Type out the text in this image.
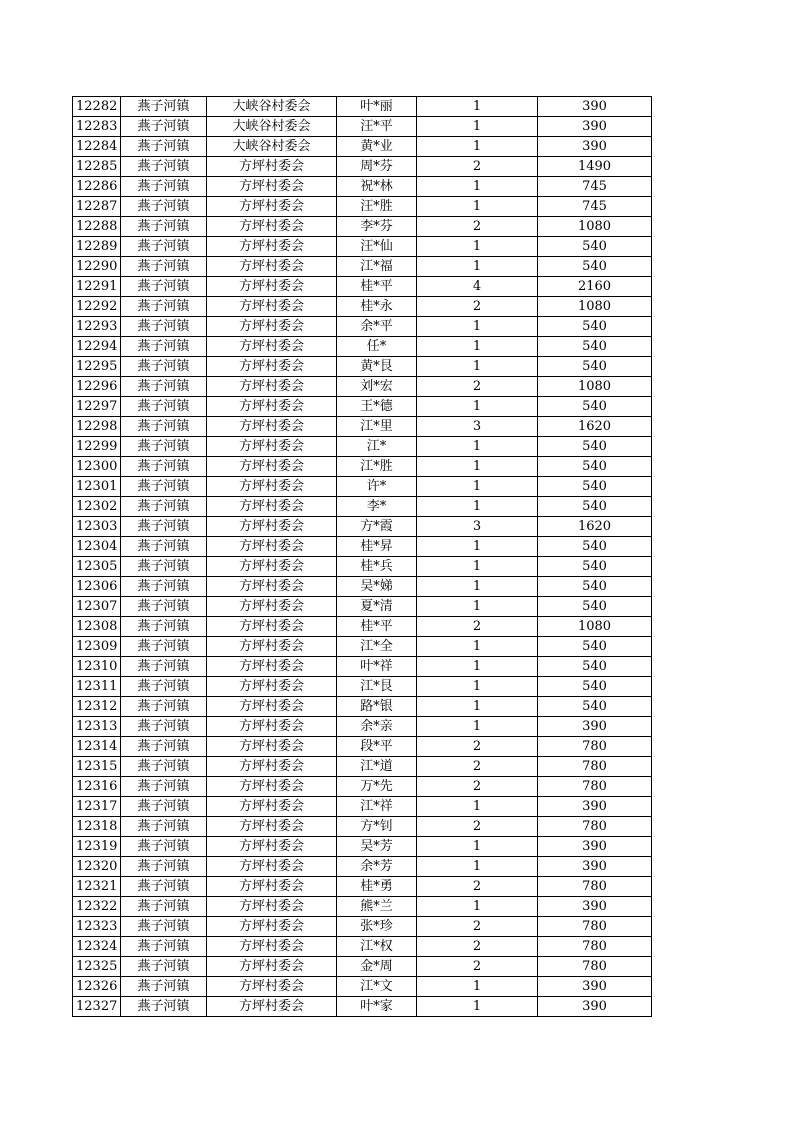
12282	燕子河镇	大峡谷村委会	叶*丽	1	390
12283	燕子河镇	大峡谷村委会	汪*平	1	390
12284	燕子河镇	大峡谷村委会	黄*业	1	390
12285	燕子河镇	方坪村委会	周*芬	2	1490
12286	燕子河镇	方坪村委会	祝*林	1	745
12287	燕子河镇	方坪村委会	汪*胜	1	745
12288	燕子河镇	方坪村委会	李*芬	2	1080
12289	燕子河镇	方坪村委会	汪*仙	1	540
12290	燕子河镇	方坪村委会	江*福	1	540
12291	燕子河镇	方坪村委会	桂*平	4	2160
12292	燕子河镇	方坪村委会	桂*永	2	1080
12293	燕子河镇	方坪村委会	余*平	1	540
12294	燕子河镇	方坪村委会	任*	1	540
12295	燕子河镇	方坪村委会	黄*艮	1	540
12296	燕子河镇	方坪村委会	刘*宏	2	1080
12297	燕子河镇	方坪村委会	王*德	1	540
12298	燕子河镇	方坪村委会	江*里	3	1620
12299	燕子河镇	方坪村委会	江*	1	540
12300	燕子河镇	方坪村委会	江*胜	1	540
12301	燕子河镇	方坪村委会	许*	1	540
12302	燕子河镇	方坪村委会	李*	1	540
12303	燕子河镇	方坪村委会	方*霞	3	1620
12304	燕子河镇	方坪村委会	桂*昇	1	540
12305	燕子河镇	方坪村委会	桂*兵	1	540
12306	燕子河镇	方坪村委会	吴*娣	1	540
12307	燕子河镇	方坪村委会	夏*清	1	540
12308	燕子河镇	方坪村委会	桂*平	2	1080
12309	燕子河镇	方坪村委会	江*全	1	540
12310	燕子河镇	方坪村委会	叶*祥	1	540
12311	燕子河镇	方坪村委会	江*艮	1	540
12312	燕子河镇	方坪村委会	路*银	1	540
12313	燕子河镇	方坪村委会	余*亲	1	390
12314	燕子河镇	方坪村委会	段*平	2	780
12315	燕子河镇	方坪村委会	江*道	2	780
12316	燕子河镇	方坪村委会	万*先	2	780
12317	燕子河镇	方坪村委会	江*祥	1	390
12318	燕子河镇	方坪村委会	方*钊	2	780
12319	燕子河镇	方坪村委会	吴*芳	1	390
12320	燕子河镇	方坪村委会	余*芳	1	390
12321	燕子河镇	方坪村委会	桂*勇	2	780
12322	燕子河镇	方坪村委会	熊*兰	1	390
12323	燕子河镇	方坪村委会	张*珍	2	780
12324	燕子河镇	方坪村委会	江*权	2	780
12325	燕子河镇	方坪村委会	金*周	2	780
12326	燕子河镇	方坪村委会	江*文	1	390
12327	燕子河镇	方坪村委会	叶*家	1	390
